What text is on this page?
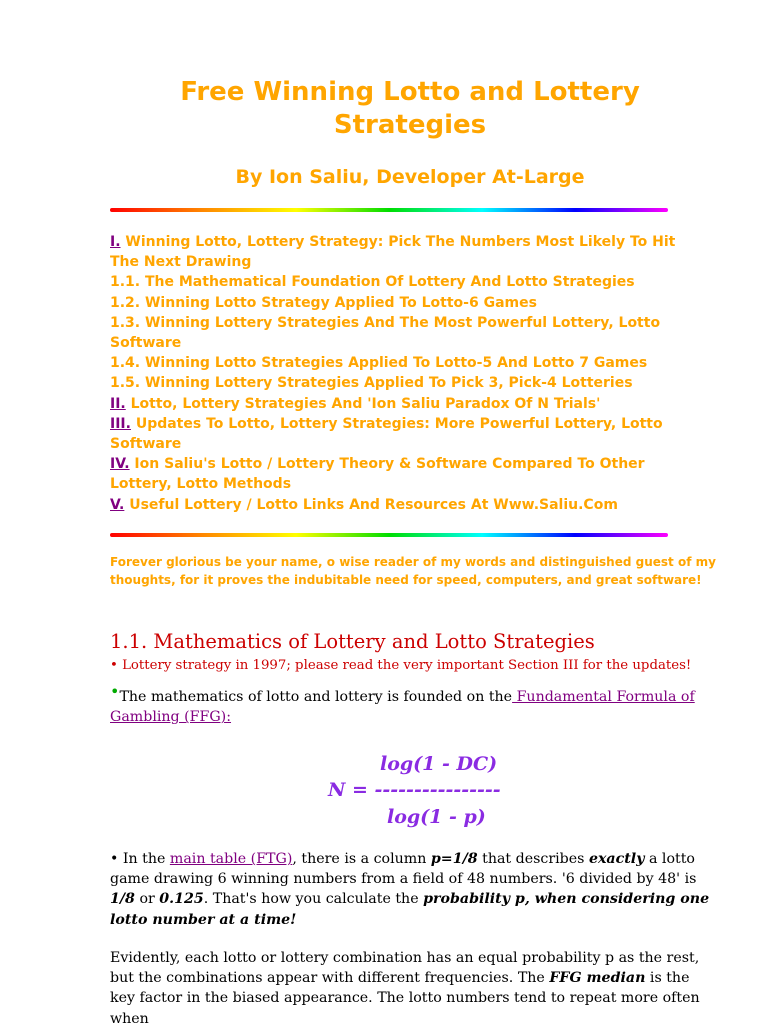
Free Winning Lotto and Lottery Strategies
By Ion Saliu, Developer At-Large
I. Winning Lotto, Lottery Strategy: Pick The Numbers Most Likely To Hit
The Next Drawing
1.1. The Mathematical Foundation Of Lottery And Lotto Strategies
1.2. Winning Lotto Strategy Applied To Lotto-6 Games
1.3. Winning Lottery Strategies And The Most Powerful Lottery, Lotto
Software
1.4. Winning Lotto Strategies Applied To Lotto-5 And Lotto 7 Games
1.5. Winning Lottery Strategies Applied To Pick 3, Pick-4 Lotteries
II. Lotto, Lottery Strategies And 'Ion Saliu Paradox Of N Trials'
III. Updates To Lotto, Lottery Strategies: More Powerful Lottery, Lotto
Software
IV. Ion Saliu's Lotto / Lottery Theory & Software Compared To Other
Lottery, Lotto Methods
V. Useful Lottery / Lotto Links And Resources At Www.Saliu.Com
Forever glorious be your name, o wise reader of my words and distinguished guest of my thoughts, for it proves the indubitable need for speed, computers, and great software!
1.1. Mathematics of Lottery and Lotto Strategies
• Lottery strategy in 1997; please read the very important Section III for the updates!
•The mathematics of lotto and lottery is founded on the Fundamental Formula of Gambling (FFG):
log(1 - DC)
N = ----------------
log(1 - p)
• In the main table (FTG), there is a column p=1/8 that describes exactly a lotto game drawing 6 winning numbers from a field of 48 numbers. '6 divided by 48' is 1/8 or 0.125. That's how you calculate the probability p, when considering one lotto number at a time!
Evidently, each lotto or lottery combination has an equal probability p as the rest, but the combinations appear with different frequencies. The FFG median is the key factor in the biased appearance. The lotto numbers tend to repeat more often when
